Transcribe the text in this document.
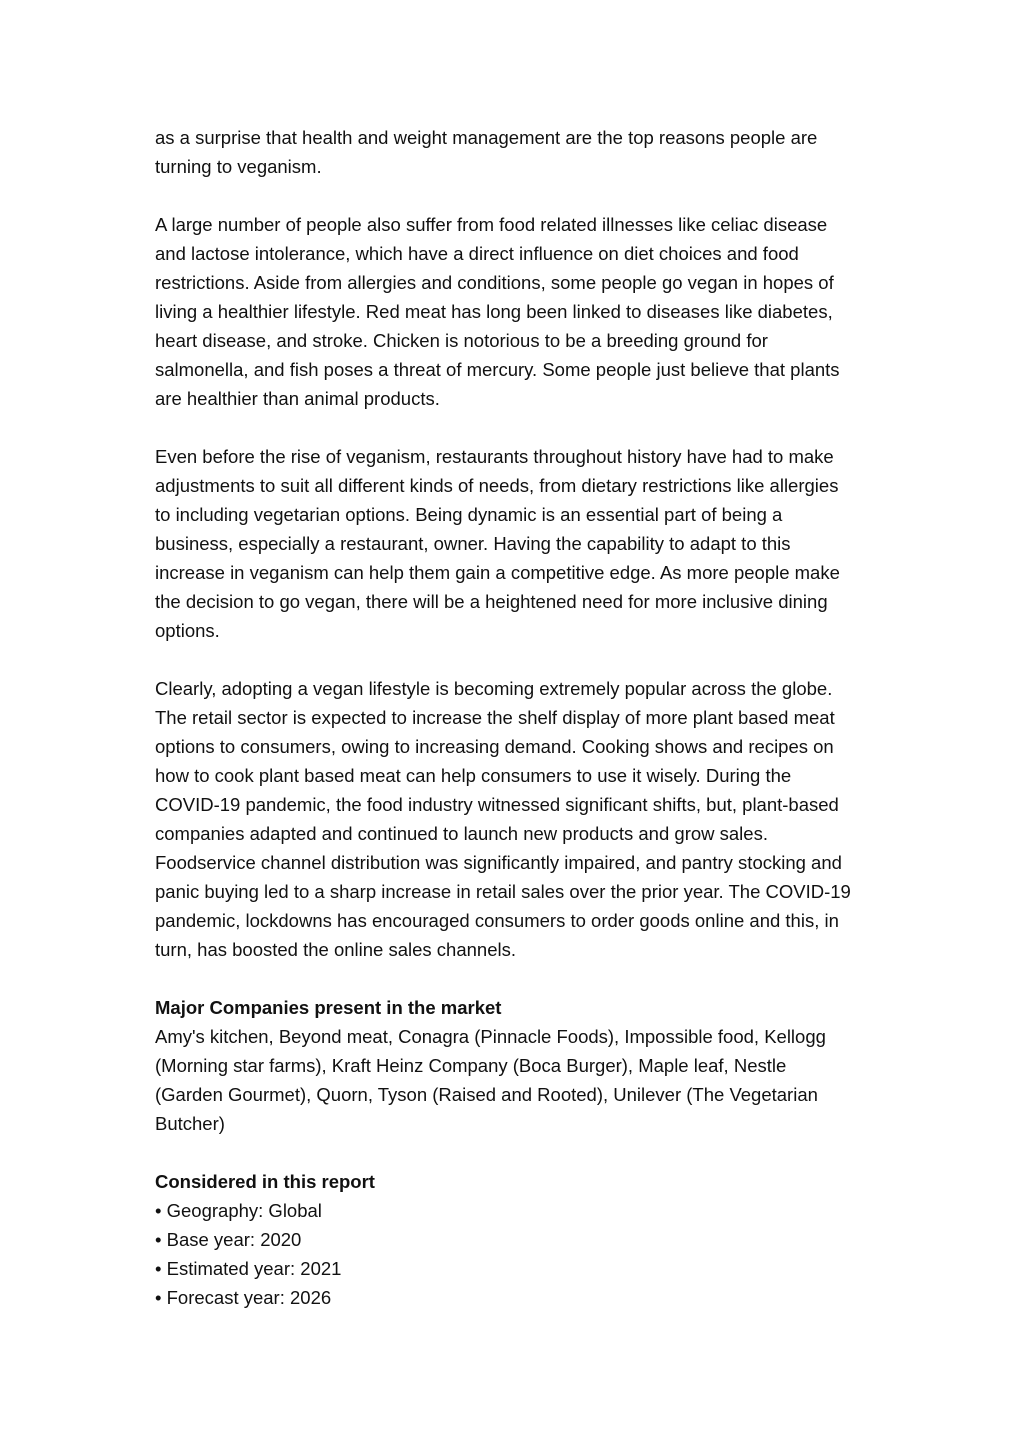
as a surprise that health and weight management are the top reasons people are
turning to veganism.

A large number of people also suffer from food related illnesses like celiac disease
and lactose intolerance, which have a direct influence on diet choices and food
restrictions. Aside from allergies and conditions, some people go vegan in hopes of
living a healthier lifestyle. Red meat has long been linked to diseases like diabetes,
heart disease, and stroke. Chicken is notorious to be a breeding ground for
salmonella, and fish poses a threat of mercury. Some people just believe that plants
are healthier than animal products.

Even before the rise of veganism, restaurants throughout history have had to make
adjustments to suit all different kinds of needs, from dietary restrictions like allergies
to including vegetarian options. Being dynamic is an essential part of being a
business, especially a restaurant, owner. Having the capability to adapt to this
increase in veganism can help them gain a competitive edge. As more people make
the decision to go vegan, there will be a heightened need for more inclusive dining
options.

Clearly, adopting a vegan lifestyle is becoming extremely popular across the globe.
The retail sector is expected to increase the shelf display of more plant based meat
options to consumers, owing to increasing demand. Cooking shows and recipes on
how to cook plant based meat can help consumers to use it wisely. During the
COVID-19 pandemic, the food industry witnessed significant shifts, but, plant-based
companies adapted and continued to launch new products and grow sales.
Foodservice channel distribution was significantly impaired, and pantry stocking and
panic buying led to a sharp increase in retail sales over the prior year. The COVID-19
pandemic, lockdowns has encouraged consumers to order goods online and this, in
turn, has boosted the online sales channels.

Major Companies present in the market

Amy's kitchen, Beyond meat, Conagra (Pinnacle Foods), Impossible food, Kellogg
(Morning star farms), Kraft Heinz Company (Boca Burger), Maple leaf, Nestle
(Garden Gourmet), Quorn, Tyson (Raised and Rooted), Unilever (The Vegetarian
Butcher)

Considered in this report

• Geography: Global
• Base year: 2020
• Estimated year: 2021
• Forecast year: 2026
